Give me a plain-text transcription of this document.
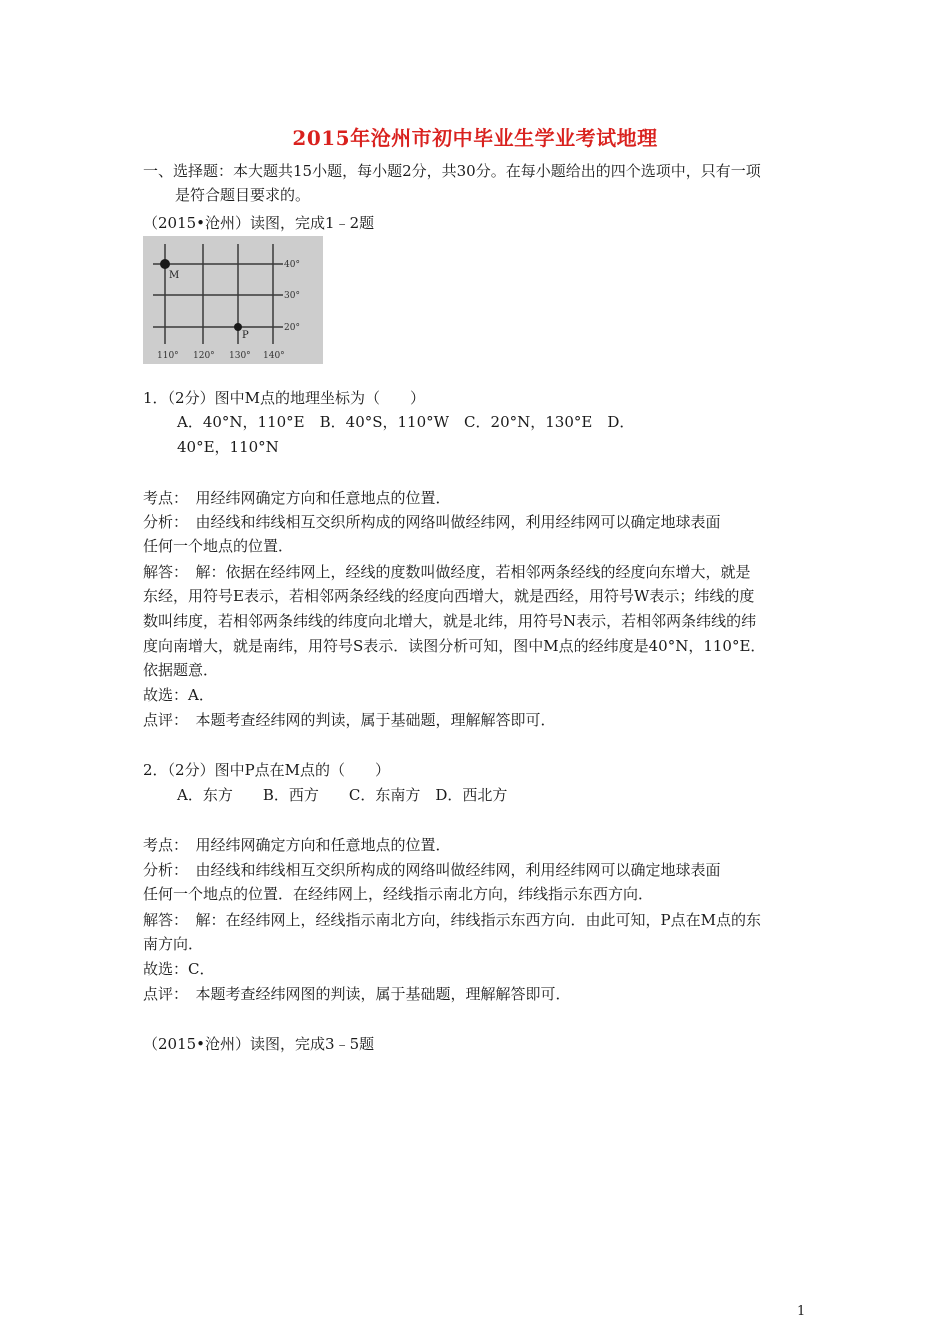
2015年沧州市初中毕业生学业考试地理
一、选择题：本大题共15小题，每小题2分，共30分。在每小题给出的四个选项中，只有一项
是符合题目要求的。
（2015•沧州）读图，完成1﹣2题
M
P
40°
30°
20°
110° 120° 130° 140°
1．（2分）图中M点的地理坐标为（　　）
A．40°N，110°E　B．40°S，110°W　C．20°N，130°E　D．
40°E，110°N
考点：　用经纬网确定方向和任意地点的位置．
分析：　由经线和纬线相互交织所构成的网络叫做经纬网，利用经纬网可以确定地球表面
任何一个地点的位置．
解答：　解：依据在经纬网上，经线的度数叫做经度，若相邻两条经线的经度向东增大，就是
东经，用符号E表示，若相邻两条经线的经度向西增大，就是西经，用符号W表示；纬线的度
数叫纬度，若相邻两条纬线的纬度向北增大，就是北纬，用符号N表示，若相邻两条纬线的纬
度向南增大，就是南纬，用符号S表示．读图分析可知，图中M点的经纬度是40°N，110°E．
依据题意．
故选：A．
点评：　本题考查经纬网的判读，属于基础题，理解解答即可．
2．（2分）图中P点在M点的（　　）
A．东方　　B．西方　　C．东南方　D．西北方
考点：　用经纬网确定方向和任意地点的位置．
分析：　由经线和纬线相互交织所构成的网络叫做经纬网，利用经纬网可以确定地球表面
任何一个地点的位置．在经纬网上，经线指示南北方向，纬线指示东西方向．
解答：　解：在经纬网上，经线指示南北方向，纬线指示东西方向．由此可知，P点在M点的东
南方向．
故选：C．
点评：　本题考查经纬网图的判读，属于基础题，理解解答即可．
（2015•沧州）读图，完成3﹣5题
1
